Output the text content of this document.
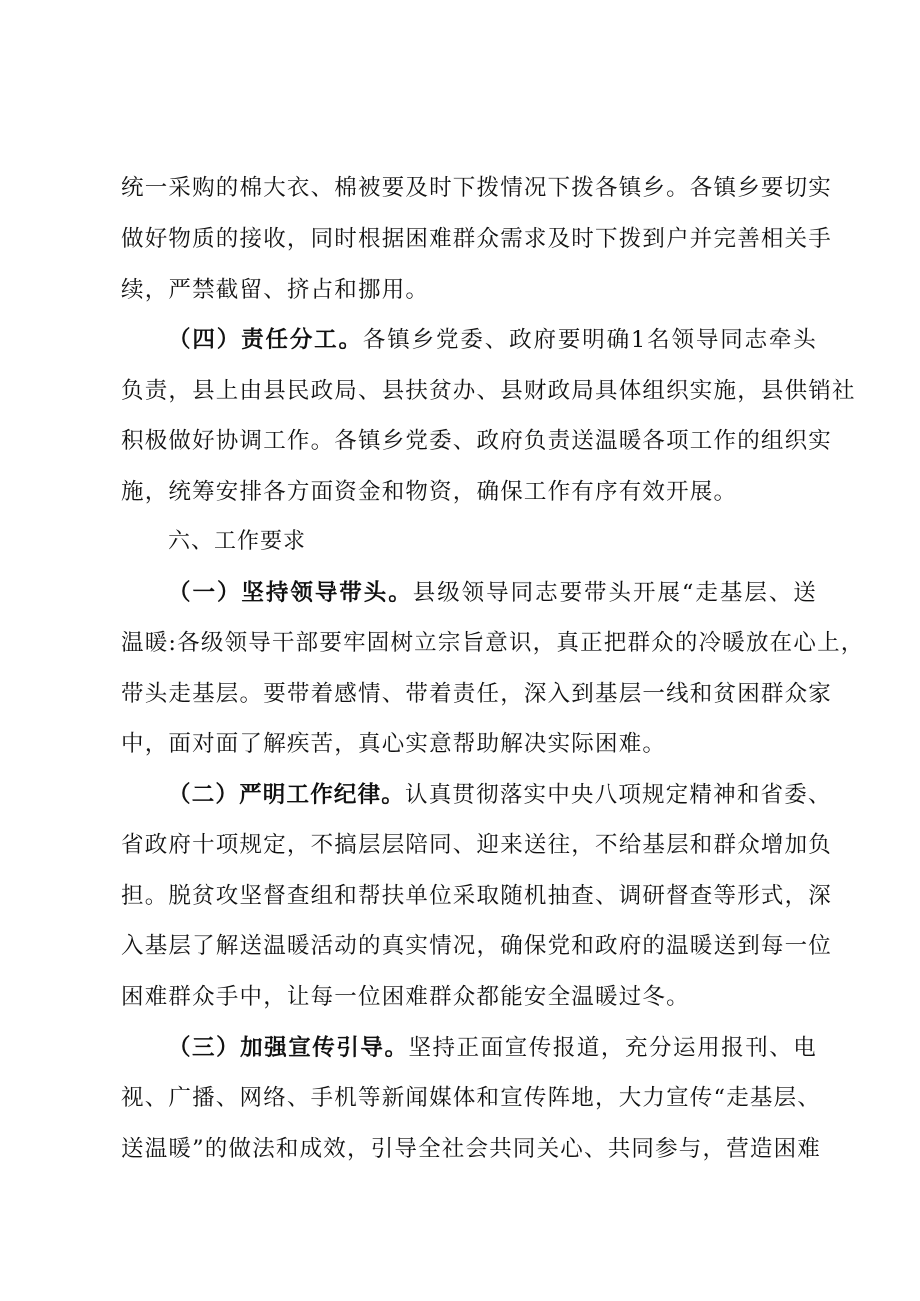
统一采购的棉大衣、棉被要及时下拨情况下拨各镇乡。各镇乡要切实
做好物质的接收，同时根据困难群众需求及时下拨到户并完善相关手
续，严禁截留、挤占和挪用。
（四）责任分工。各镇乡党委、政府要明确1名领导同志牵头
负责，县上由县民政局、县扶贫办、县财政局具体组织实施，县供销社
积极做好协调工作。各镇乡党委、政府负责送温暖各项工作的组织实
施，统筹安排各方面资金和物资，确保工作有序有效开展。
六、工作要求
（一）坚持领导带头。县级领导同志要带头开展“走基层、送
温暖:各级领导干部要牢固树立宗旨意识，真正把群众的冷暖放在心上，
带头走基层。要带着感情、带着责任，深入到基层一线和贫困群众家
中，面对面了解疾苦，真心实意帮助解决实际困难。
（二）严明工作纪律。认真贯彻落实中央八项规定精神和省委、
省政府十项规定，不搞层层陪同、迎来送往，不给基层和群众增加负
担。脱贫攻坚督查组和帮扶单位采取随机抽查、调研督查等形式，深
入基层了解送温暖活动的真实情况，确保党和政府的温暖送到每一位
困难群众手中，让每一位困难群众都能安全温暖过冬。
（三）加强宣传引导。坚持正面宣传报道，充分运用报刊、电
视、广播、网络、手机等新闻媒体和宣传阵地，大力宣传“走基层、
送温暖”的做法和成效，引导全社会共同关心、共同参与，营造困难
